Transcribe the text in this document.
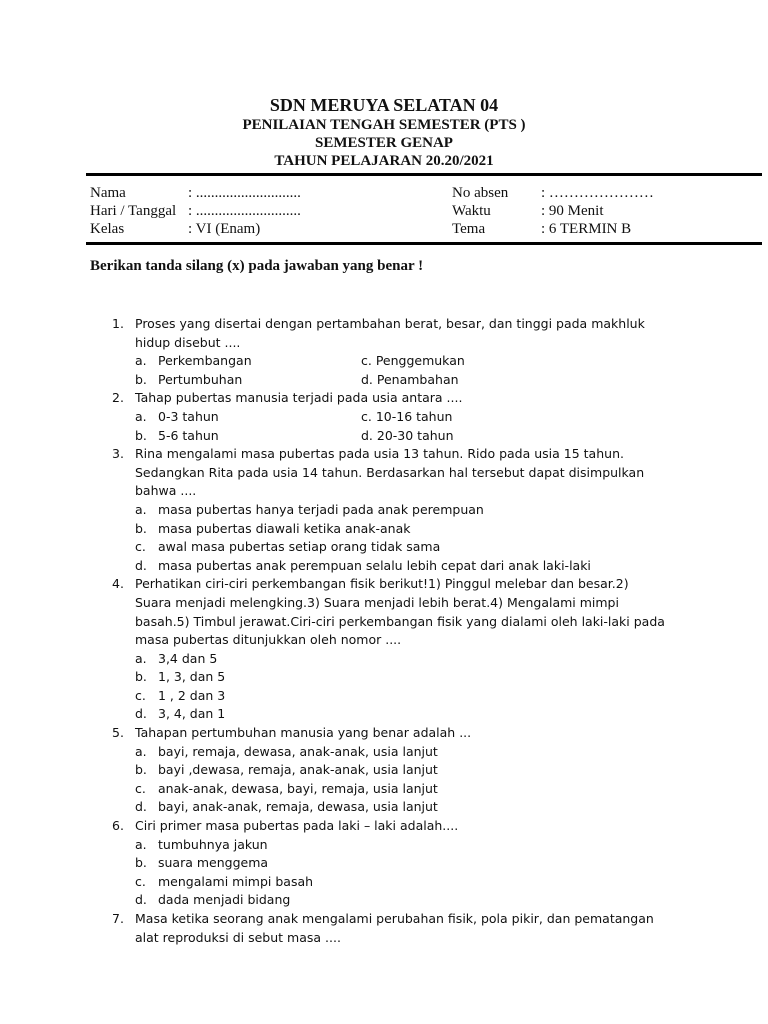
SDN MERUYA SELATAN 04
PENILAIAN TENGAH SEMESTER (PTS )
SEMESTER GENAP
TAHUN PELAJARAN 20.20/2021
Nama	: ............................	No absen : …………………
Hari / Tanggal : ............................	Waktu	: 90 Menit
Kelas	: VI (Enam)	Tema	: 6 TERMIN B
Berikan tanda silang (x) pada jawaban yang benar !
1. Proses yang disertai dengan pertambahan berat, besar, dan tinggi pada makhluk hidup disebut ....
a. Perkembangan	c. Penggemukan
b. Pertumbuhan	d. Penambahan
2. Tahap pubertas manusia terjadi pada usia antara ....
a. 0-3 tahun	c. 10-16 tahun
b. 5-6 tahun	d. 20-30 tahun
3. Rina mengalami masa pubertas pada usia 13 tahun. Rido pada usia 15 tahun. Sedangkan Rita pada usia 14 tahun. Berdasarkan hal tersebut dapat disimpulkan bahwa ....
a. masa pubertas hanya terjadi pada anak perempuan
b. masa pubertas diawali ketika anak-anak
c. awal masa pubertas setiap orang tidak sama
d. masa pubertas anak perempuan selalu lebih cepat dari anak laki-laki
4. Perhatikan ciri-ciri perkembangan fisik berikut!1) Pinggul melebar dan besar.2) Suara menjadi melengking.3) Suara menjadi lebih berat.4) Mengalami mimpi basah.5) Timbul jerawat.Ciri-ciri perkembangan fisik yang dialami oleh laki-laki pada masa pubertas ditunjukkan oleh nomor ....
a. 3,4 dan 5
b. 1, 3, dan 5
c. 1 , 2 dan 3
d. 3, 4, dan 1
5. Tahapan pertumbuhan manusia yang benar adalah ...
a. bayi, remaja, dewasa, anak-anak, usia lanjut
b. bayi ,dewasa, remaja, anak-anak, usia lanjut
c. anak-anak, dewasa, bayi, remaja, usia lanjut
d. bayi, anak-anak, remaja, dewasa, usia lanjut
6. Ciri primer masa pubertas pada laki – laki adalah....
a. tumbuhnya jakun
b. suara menggema
c. mengalami mimpi basah
d. dada menjadi bidang
7. Masa ketika seorang anak mengalami perubahan fisik, pola pikir, dan pematangan alat reproduksi di sebut masa ....
